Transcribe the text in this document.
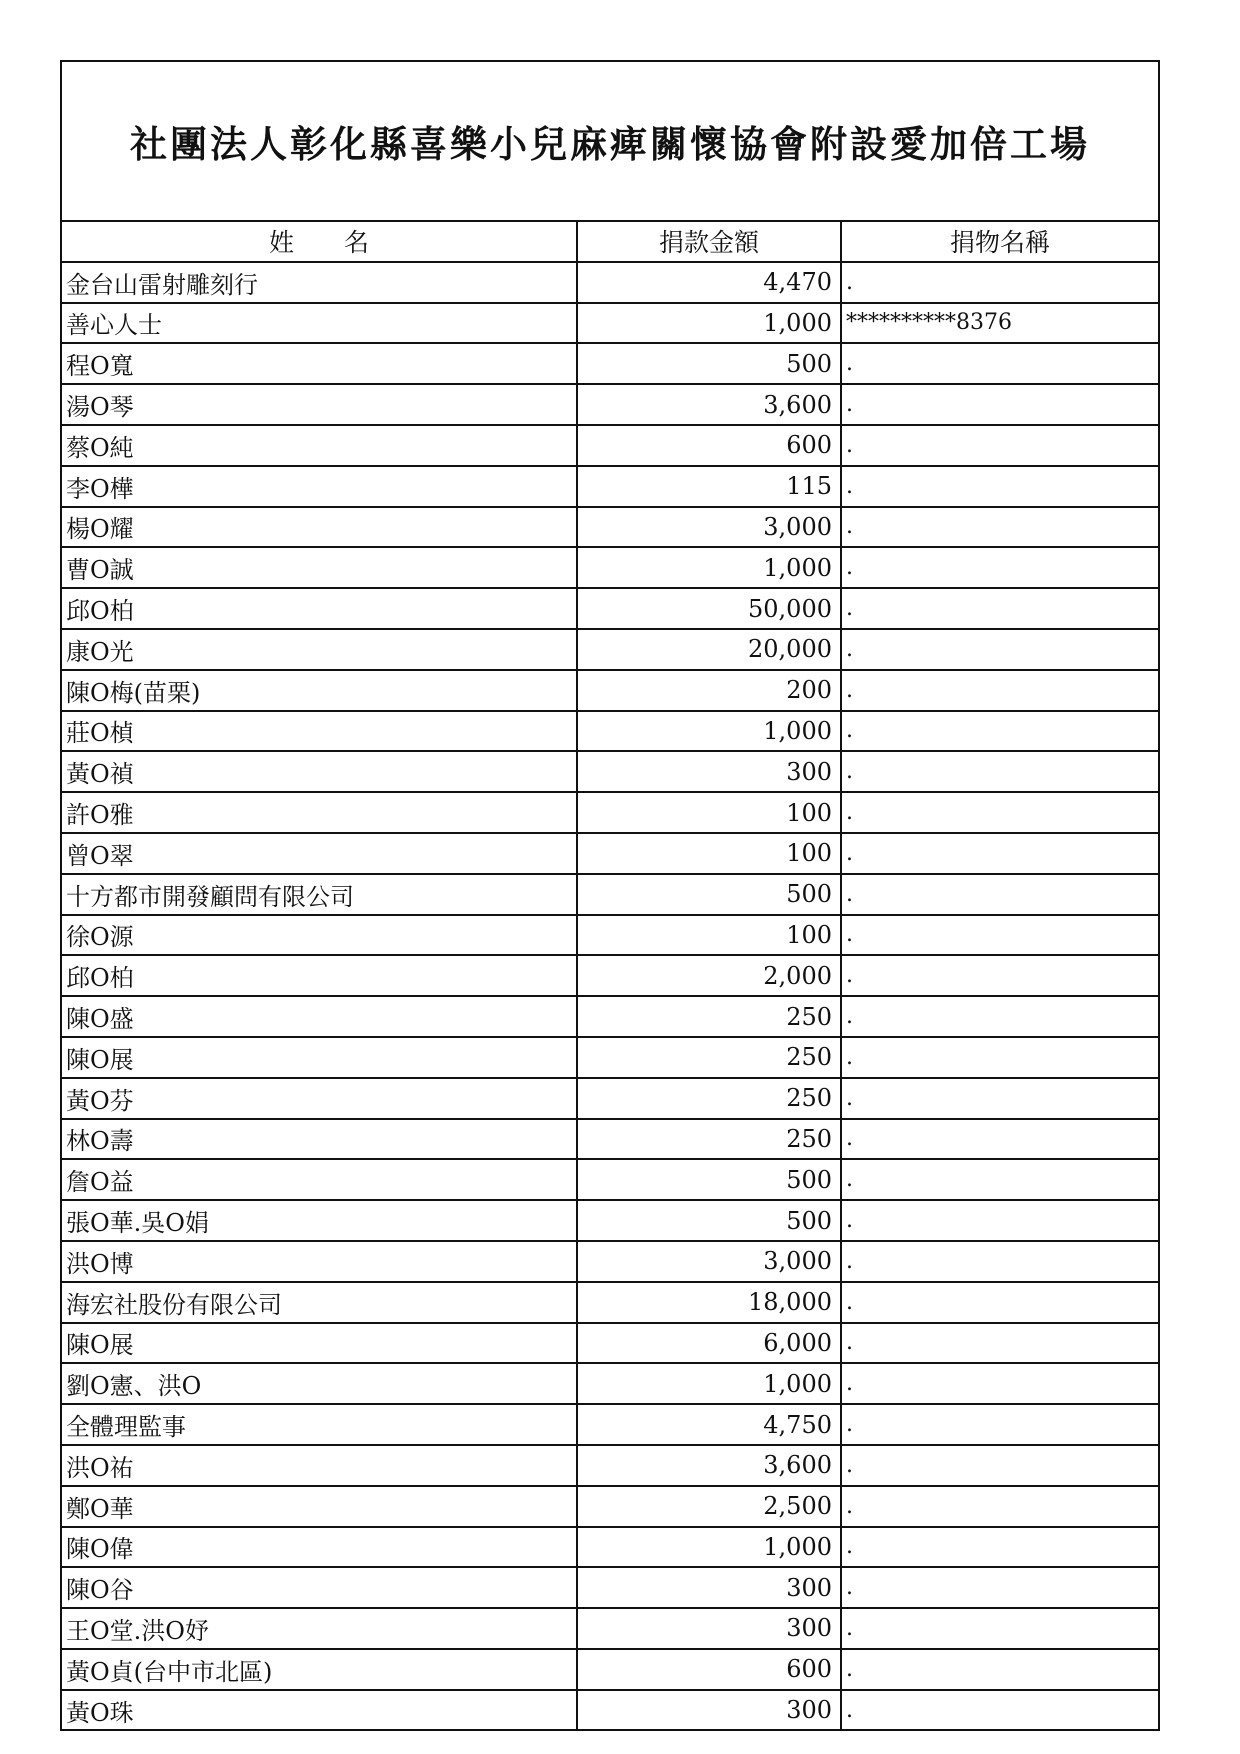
社團法人彰化縣喜樂小兒麻痺關懷協會附設愛加倍工場
姓　　名	捐款金額	捐物名稱
金台山雷射雕刻行	4,470	.
善心人士	1,000	**********8376
程O寬	500	.
湯O琴	3,600	.
蔡O純	600	.
李O樺	115	.
楊O耀	3,000	.
曹O誠	1,000	.
邱O柏	50,000	.
康O光	20,000	.
陳O梅(苗栗)	200	.
莊O楨	1,000	.
黃O禎	300	.
許O雅	100	.
曾O翠	100	.
十方都市開發顧問有限公司	500	.
徐O源	100	.
邱O柏	2,000	.
陳O盛	250	.
陳O展	250	.
黃O芬	250	.
林O壽	250	.
詹O益	500	.
張O華.吳O娟	500	.
洪O博	3,000	.
海宏社股份有限公司	18,000	.
陳O展	6,000	.
劉O憲、洪O	1,000	.
全體理監事	4,750	.
洪O祐	3,600	.
鄭O華	2,500	.
陳O偉	1,000	.
陳O谷	300	.
王O堂.洪O妤	300	.
黃O貞(台中市北區)	600	.
黃O珠	300	.
